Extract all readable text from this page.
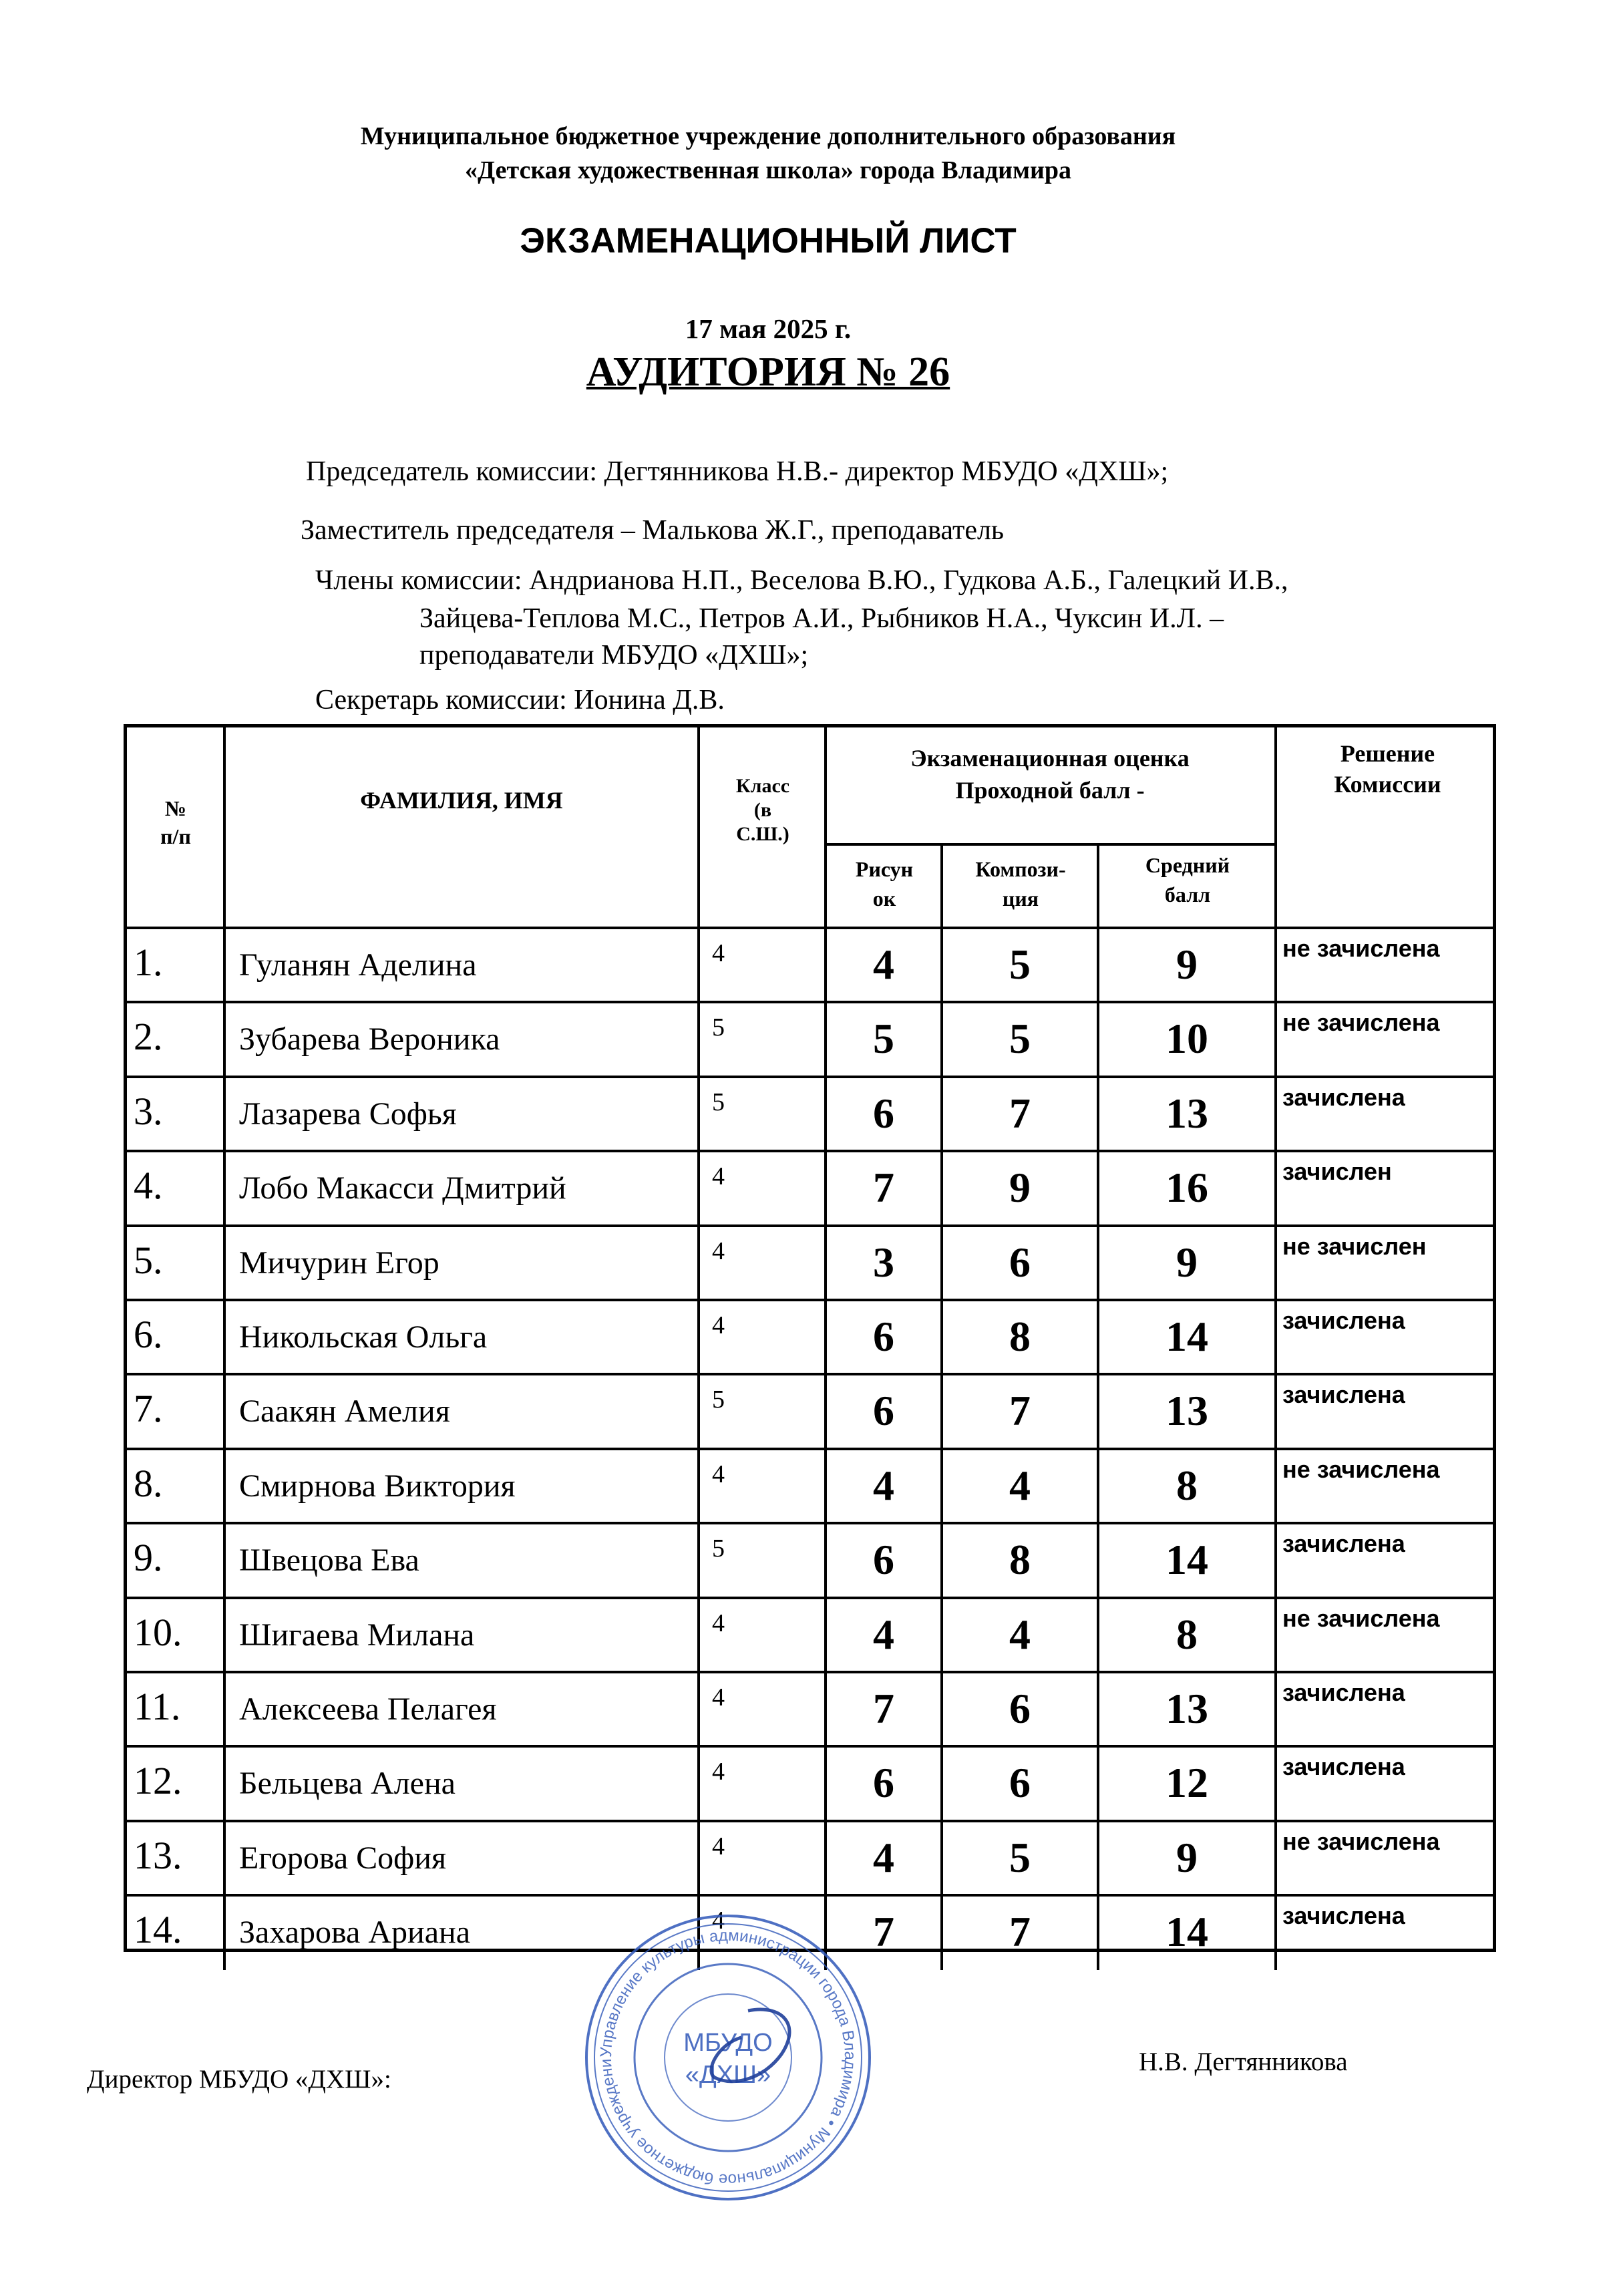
Муниципальное бюджетное учреждение дополнительного образования
«Детская художественная школа» города Владимира
ЭКЗАМЕНАЦИОННЫЙ ЛИСТ
17 мая 2025 г.
АУДИТОРИЯ № 26
Председатель комиссии: Дегтянникова Н.В.- директор МБУДО «ДХШ»;
Заместитель председателя – Малькова Ж.Г., преподаватель
Члены комиссии: Андрианова Н.П., Веселова В.Ю., Гудкова А.Б., Галецкий И.В.,
Зайцева-Теплова М.С., Петров А.И., Рыбников Н.А., Чуксин И.Л. –
преподаватели МБУДО «ДХШ»;
Секретарь комиссии: Ионина Д.В.
№
п/п
ФАМИЛИЯ, ИМЯ
Класс
(в
С.Ш.)
Экзаменационная оценка
Проходной балл -
Решение
Комиссии
Рисун
ок
Компози-
ция
Средний
балл
1.	Гуланян Аделина	4	4	5	9	не зачислена
2.	Зубарева Вероника	5	5	5	10	не зачислена
3.	Лазарева Софья	5	6	7	13	зачислена
4.	Лобо Макасси Дмитрий	4	7	9	16	зачислен
5.	Мичурин Егор	4	3	6	9	не зачислен
6.	Никольская Ольга	4	6	8	14	зачислена
7.	Саакян Амелия	5	6	7	13	зачислена
8.	Смирнова Виктория	4	4	4	8	не зачислена
9.	Швецова Ева	5	6	8	14	зачислена
10.	Шигаева Милана	4	4	4	8	не зачислена
11.	Алексеева Пелагея	4	7	6	13	зачислена
12.	Бельцева Алена	4	6	6	12	зачислена
13.	Егорова София	4	4	5	9	не зачислена
14.	Захарова Ариана	4	7	7	14	зачислена
Директор МБУДО «ДХШ»:
Н.В. Дегтянникова
Управление культуры администрации города Владимира • Муниципальное бюджетное учреждени
МБУДО
«ДХШ»
